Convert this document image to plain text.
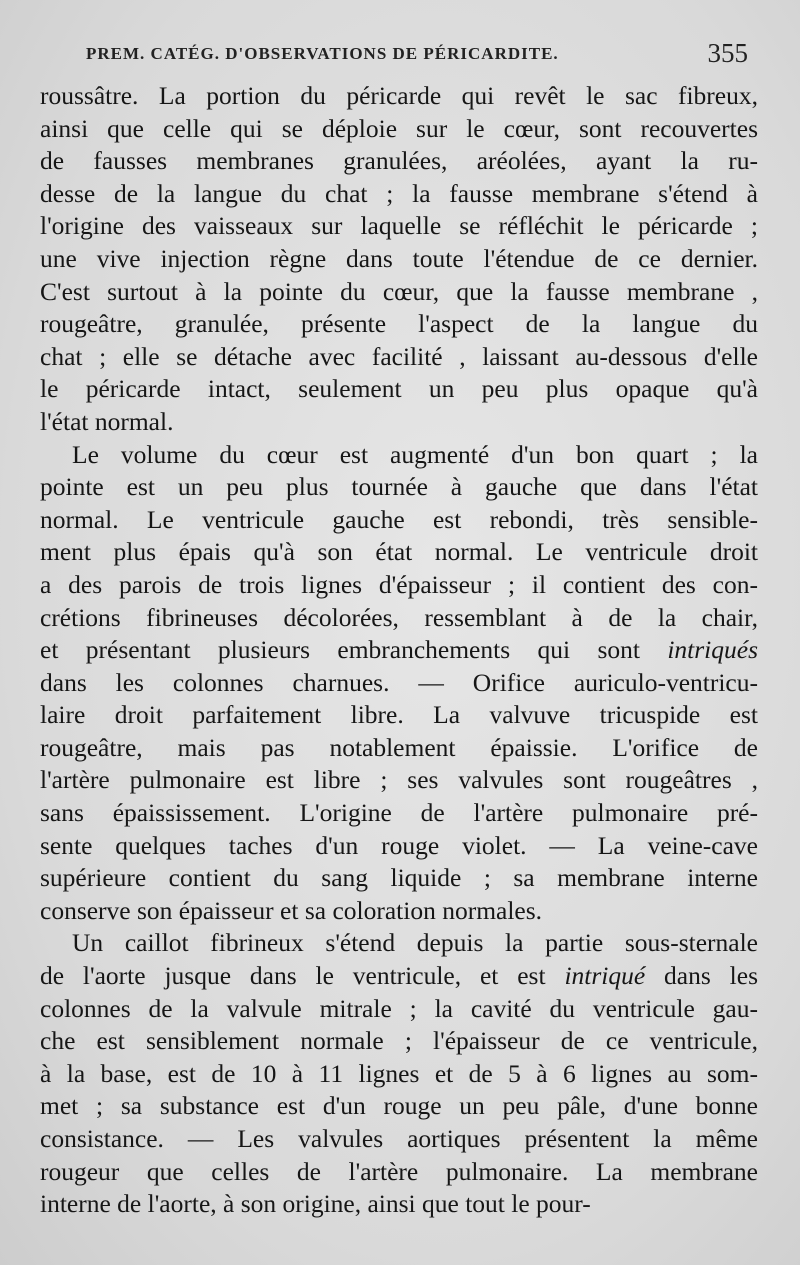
PREM. CATÉG. D'OBSERVATIONS DE PÉRICARDITE.	355
roussâtre. La portion du péricarde qui revêt le sac fibreux,
ainsi que celle qui se déploie sur le cœur, sont recouvertes
de fausses membranes granulées, aréolées, ayant la ru-
desse de la langue du chat ; la fausse membrane s'étend à
l'origine des vaisseaux sur laquelle se réfléchit le péricarde ;
une vive injection règne dans toute l'étendue de ce dernier.
C'est surtout à la pointe du cœur, que la fausse membrane ,
rougeâtre, granulée, présente l'aspect de la langue du
chat ; elle se détache avec facilité , laissant au-dessous d'elle
le péricarde intact, seulement un peu plus opaque qu'à
l'état normal.
Le volume du cœur est augmenté d'un bon quart ; la
pointe est un peu plus tournée à gauche que dans l'état
normal. Le ventricule gauche est rebondi, très sensible-
ment plus épais qu'à son état normal. Le ventricule droit
a des parois de trois lignes d'épaisseur ; il contient des con-
crétions fibrineuses décolorées, ressemblant à de la chair,
et présentant plusieurs embranchements qui sont intriqués
dans les colonnes charnues. — Orifice auriculo-ventricu-
laire droit parfaitement libre. La valvuve tricuspide est
rougeâtre, mais pas notablement épaissie. L'orifice de
l'artère pulmonaire est libre ; ses valvules sont rougeâtres ,
sans épaississement. L'origine de l'artère pulmonaire pré-
sente quelques taches d'un rouge violet. — La veine-cave
supérieure contient du sang liquide ; sa membrane interne
conserve son épaisseur et sa coloration normales.
Un caillot fibrineux s'étend depuis la partie sous-sternale
de l'aorte jusque dans le ventricule, et est intriqué dans les
colonnes de la valvule mitrale ; la cavité du ventricule gau-
che est sensiblement normale ; l'épaisseur de ce ventricule,
à la base, est de 10 à 11 lignes et de 5 à 6 lignes au som-
met ; sa substance est d'un rouge un peu pâle, d'une bonne
consistance. — Les valvules aortiques présentent la même
rougeur que celles de l'artère pulmonaire. La membrane
interne de l'aorte, à son origine, ainsi que tout le pour-
